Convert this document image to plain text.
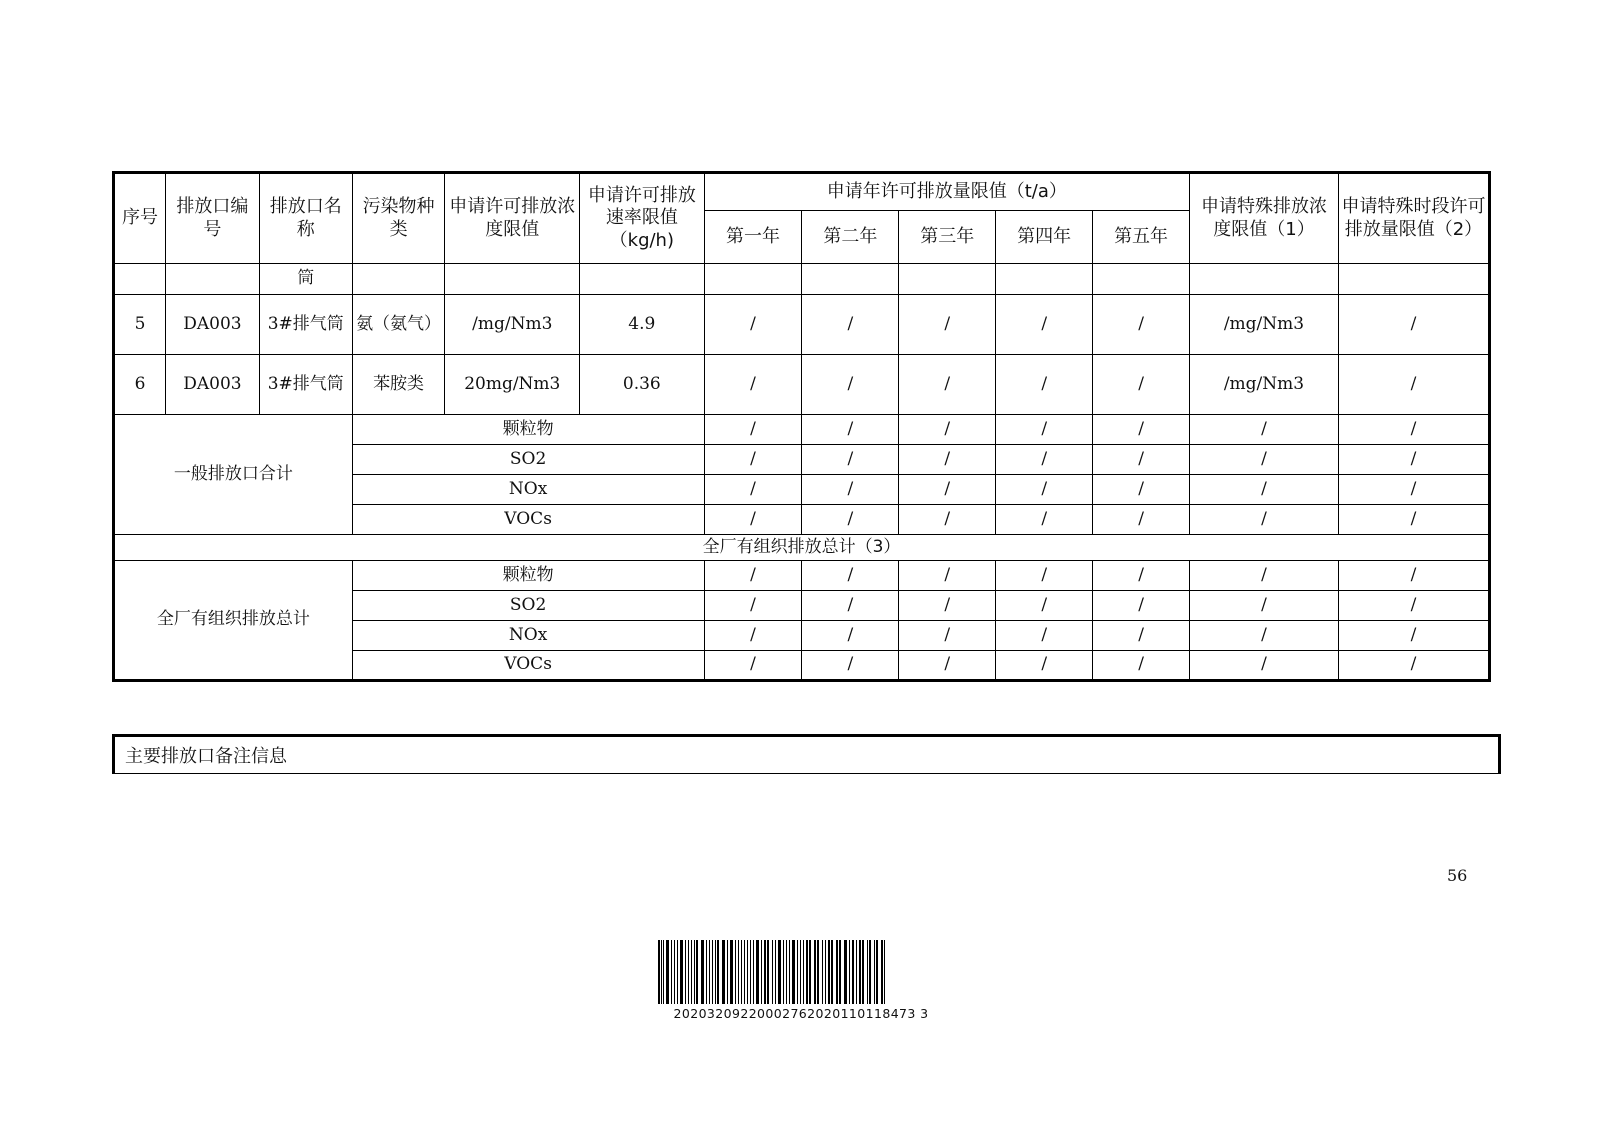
序号	排放口编号	排放口名称	污染物种类	申请许可排放浓度限值	申请许可排放速率限值（kg/h)	申请年许可排放量限值（t/a）					申请特殊排放浓度限值（1）	申请特殊时段许可排放量限值（2）
						第一年	第二年	第三年	第四年	第五年		
		筒										
5	DA003	3#排气筒	氨（氨气）	/mg/Nm3	4.9	/	/	/	/	/	/mg/Nm3	/
6	DA003	3#排气筒	苯胺类	20mg/Nm3	0.36	/	/	/	/	/	/mg/Nm3	/
一般排放口合计			颗粒物			/	/	/	/	/	/	/
			SO2			/	/	/	/	/	/	/
			NOx			/	/	/	/	/	/	/
			VOCs			/	/	/	/	/	/	/
全厂有组织排放总计（3）												
全厂有组织排放总计			颗粒物			/	/	/	/	/	/	/
			SO2			/	/	/	/	/	/	/
			NOx			/	/	/	/	/	/	/
			VOCs			/	/	/	/	/	/	/
主要排放口备注信息
56
20203209220002762020110118473 3
